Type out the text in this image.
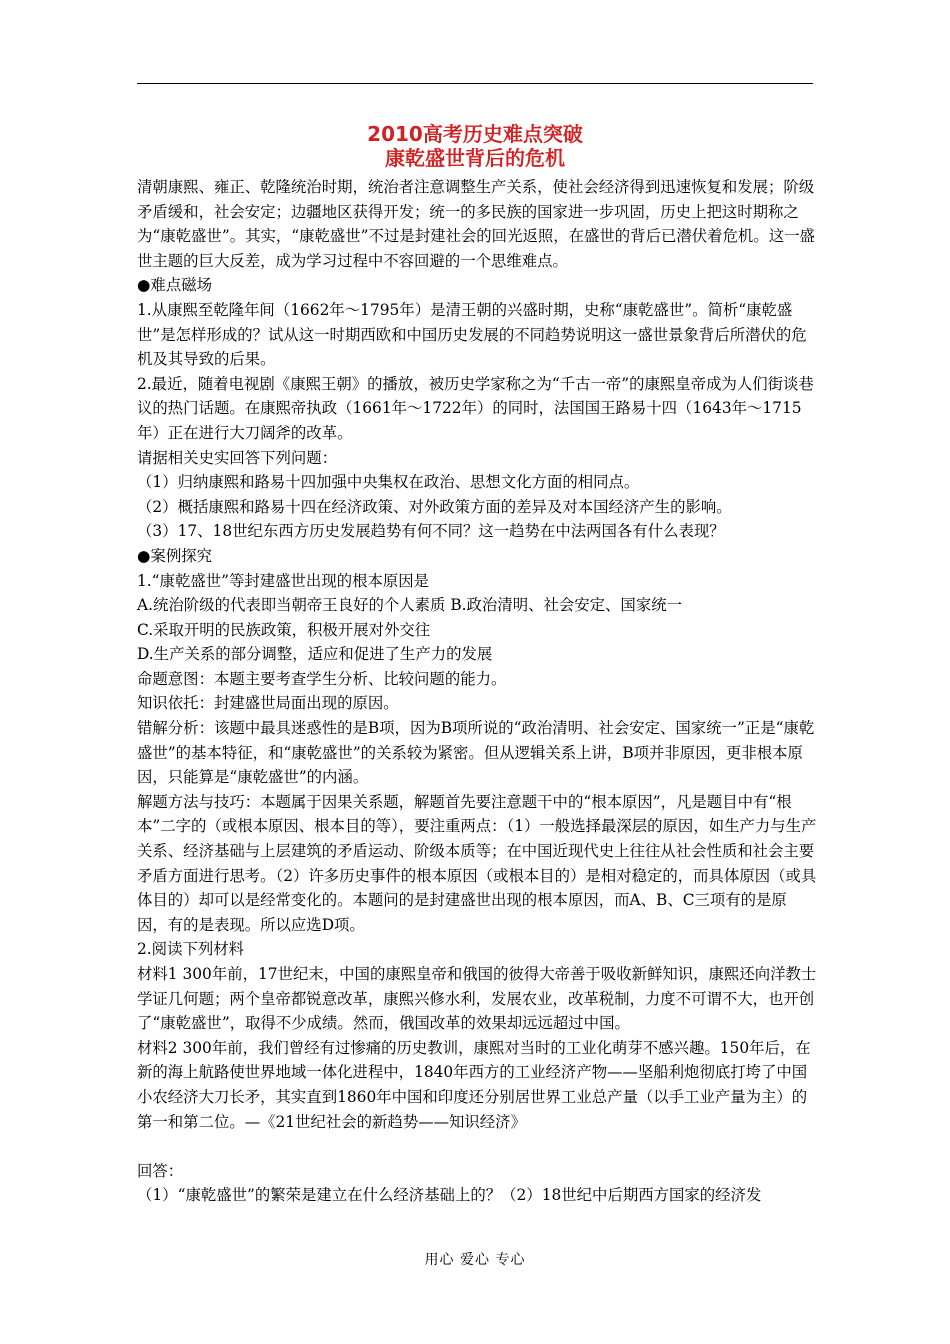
2010高考历史难点突破
康乾盛世背后的危机

清朝康熙、雍正、乾隆统治时期，统治者注意调整生产关系，使社会经济得到迅速恢复和发展；阶级矛盾缓和，社会安定；边疆地区获得开发；统一的多民族的国家进一步巩固，历史上把这时期称之为“康乾盛世”。其实，“康乾盛世”不过是封建社会的回光返照，在盛世的背后已潜伏着危机。这一盛世主题的巨大反差，成为学习过程中不容回避的一个思维难点。

●难点磁场

1.从康熙至乾隆年间（1662年～1795年）是清王朝的兴盛时期，史称“康乾盛世”。简析“康乾盛世”是怎样形成的？试从这一时期西欧和中国历史发展的不同趋势说明这一盛世景象背后所潜伏的危机及其导致的后果。

2.最近，随着电视剧《康熙王朝》的播放，被历史学家称之为“千古一帝”的康熙皇帝成为人们街谈巷议的热门话题。在康熙帝执政（1661年～1722年）的同时，法国国王路易十四（1643年～1715年）正在进行大刀阔斧的改革。

请据相关史实回答下列问题：

（1）归纳康熙和路易十四加强中央集权在政治、思想文化方面的相同点。

（2）概括康熙和路易十四在经济政策、对外政策方面的差异及对本国经济产生的影响。

（3）17、18世纪东西方历史发展趋势有何不同？这一趋势在中法两国各有什么表现？

●案例探究

1.“康乾盛世”等封建盛世出现的根本原因是

A.统治阶级的代表即当朝帝王良好的个人素质 B.政治清明、社会安定、国家统一

C.采取开明的民族政策，积极开展对外交往

D.生产关系的部分调整，适应和促进了生产力的发展

命题意图：本题主要考查学生分析、比较问题的能力。

知识依托：封建盛世局面出现的原因。

错解分析：该题中最具迷惑性的是B项，因为B项所说的“政治清明、社会安定、国家统一”正是“康乾盛世”的基本特征，和“康乾盛世”的关系较为紧密。但从逻辑关系上讲，B项并非原因，更非根本原因，只能算是“康乾盛世”的内涵。

解题方法与技巧：本题属于因果关系题，解题首先要注意题干中的“根本原因”，凡是题目中有“根本”二字的（或根本原因、根本目的等），要注重两点：（1）一般选择最深层的原因，如生产力与生产关系、经济基础与上层建筑的矛盾运动、阶级本质等；在中国近现代史上往往从社会性质和社会主要矛盾方面进行思考。（2）许多历史事件的根本原因（或根本目的）是相对稳定的，而具体原因（或具体目的）却可以是经常变化的。本题问的是封建盛世出现的根本原因，而A、B、C三项有的是原因，有的是表现。所以应选D项。

2.阅读下列材料

材料1 300年前，17世纪末，中国的康熙皇帝和俄国的彼得大帝善于吸收新鲜知识，康熙还向洋教士学证几何题；两个皇帝都锐意改革，康熙兴修水利，发展农业，改革税制，力度不可谓不大，也开创了“康乾盛世”，取得不少成绩。然而，俄国改革的效果却远远超过中国。

材料2 300年前，我们曾经有过惨痛的历史教训，康熙对当时的工业化萌芽不感兴趣。150年后，在新的海上航路使世界地域一体化进程中，1840年西方的工业经济产物——坚船利炮彻底打垮了中国小农经济大刀长矛，其实直到1860年中国和印度还分别居世界工业总产量（以手工业产量为主）的第一和第二位。—《21世纪社会的新趋势——知识经济》

回答：

（1）“康乾盛世”的繁荣是建立在什么经济基础上的？（2）18世纪中后期西方国家的经济发

用心 爱心 专心
